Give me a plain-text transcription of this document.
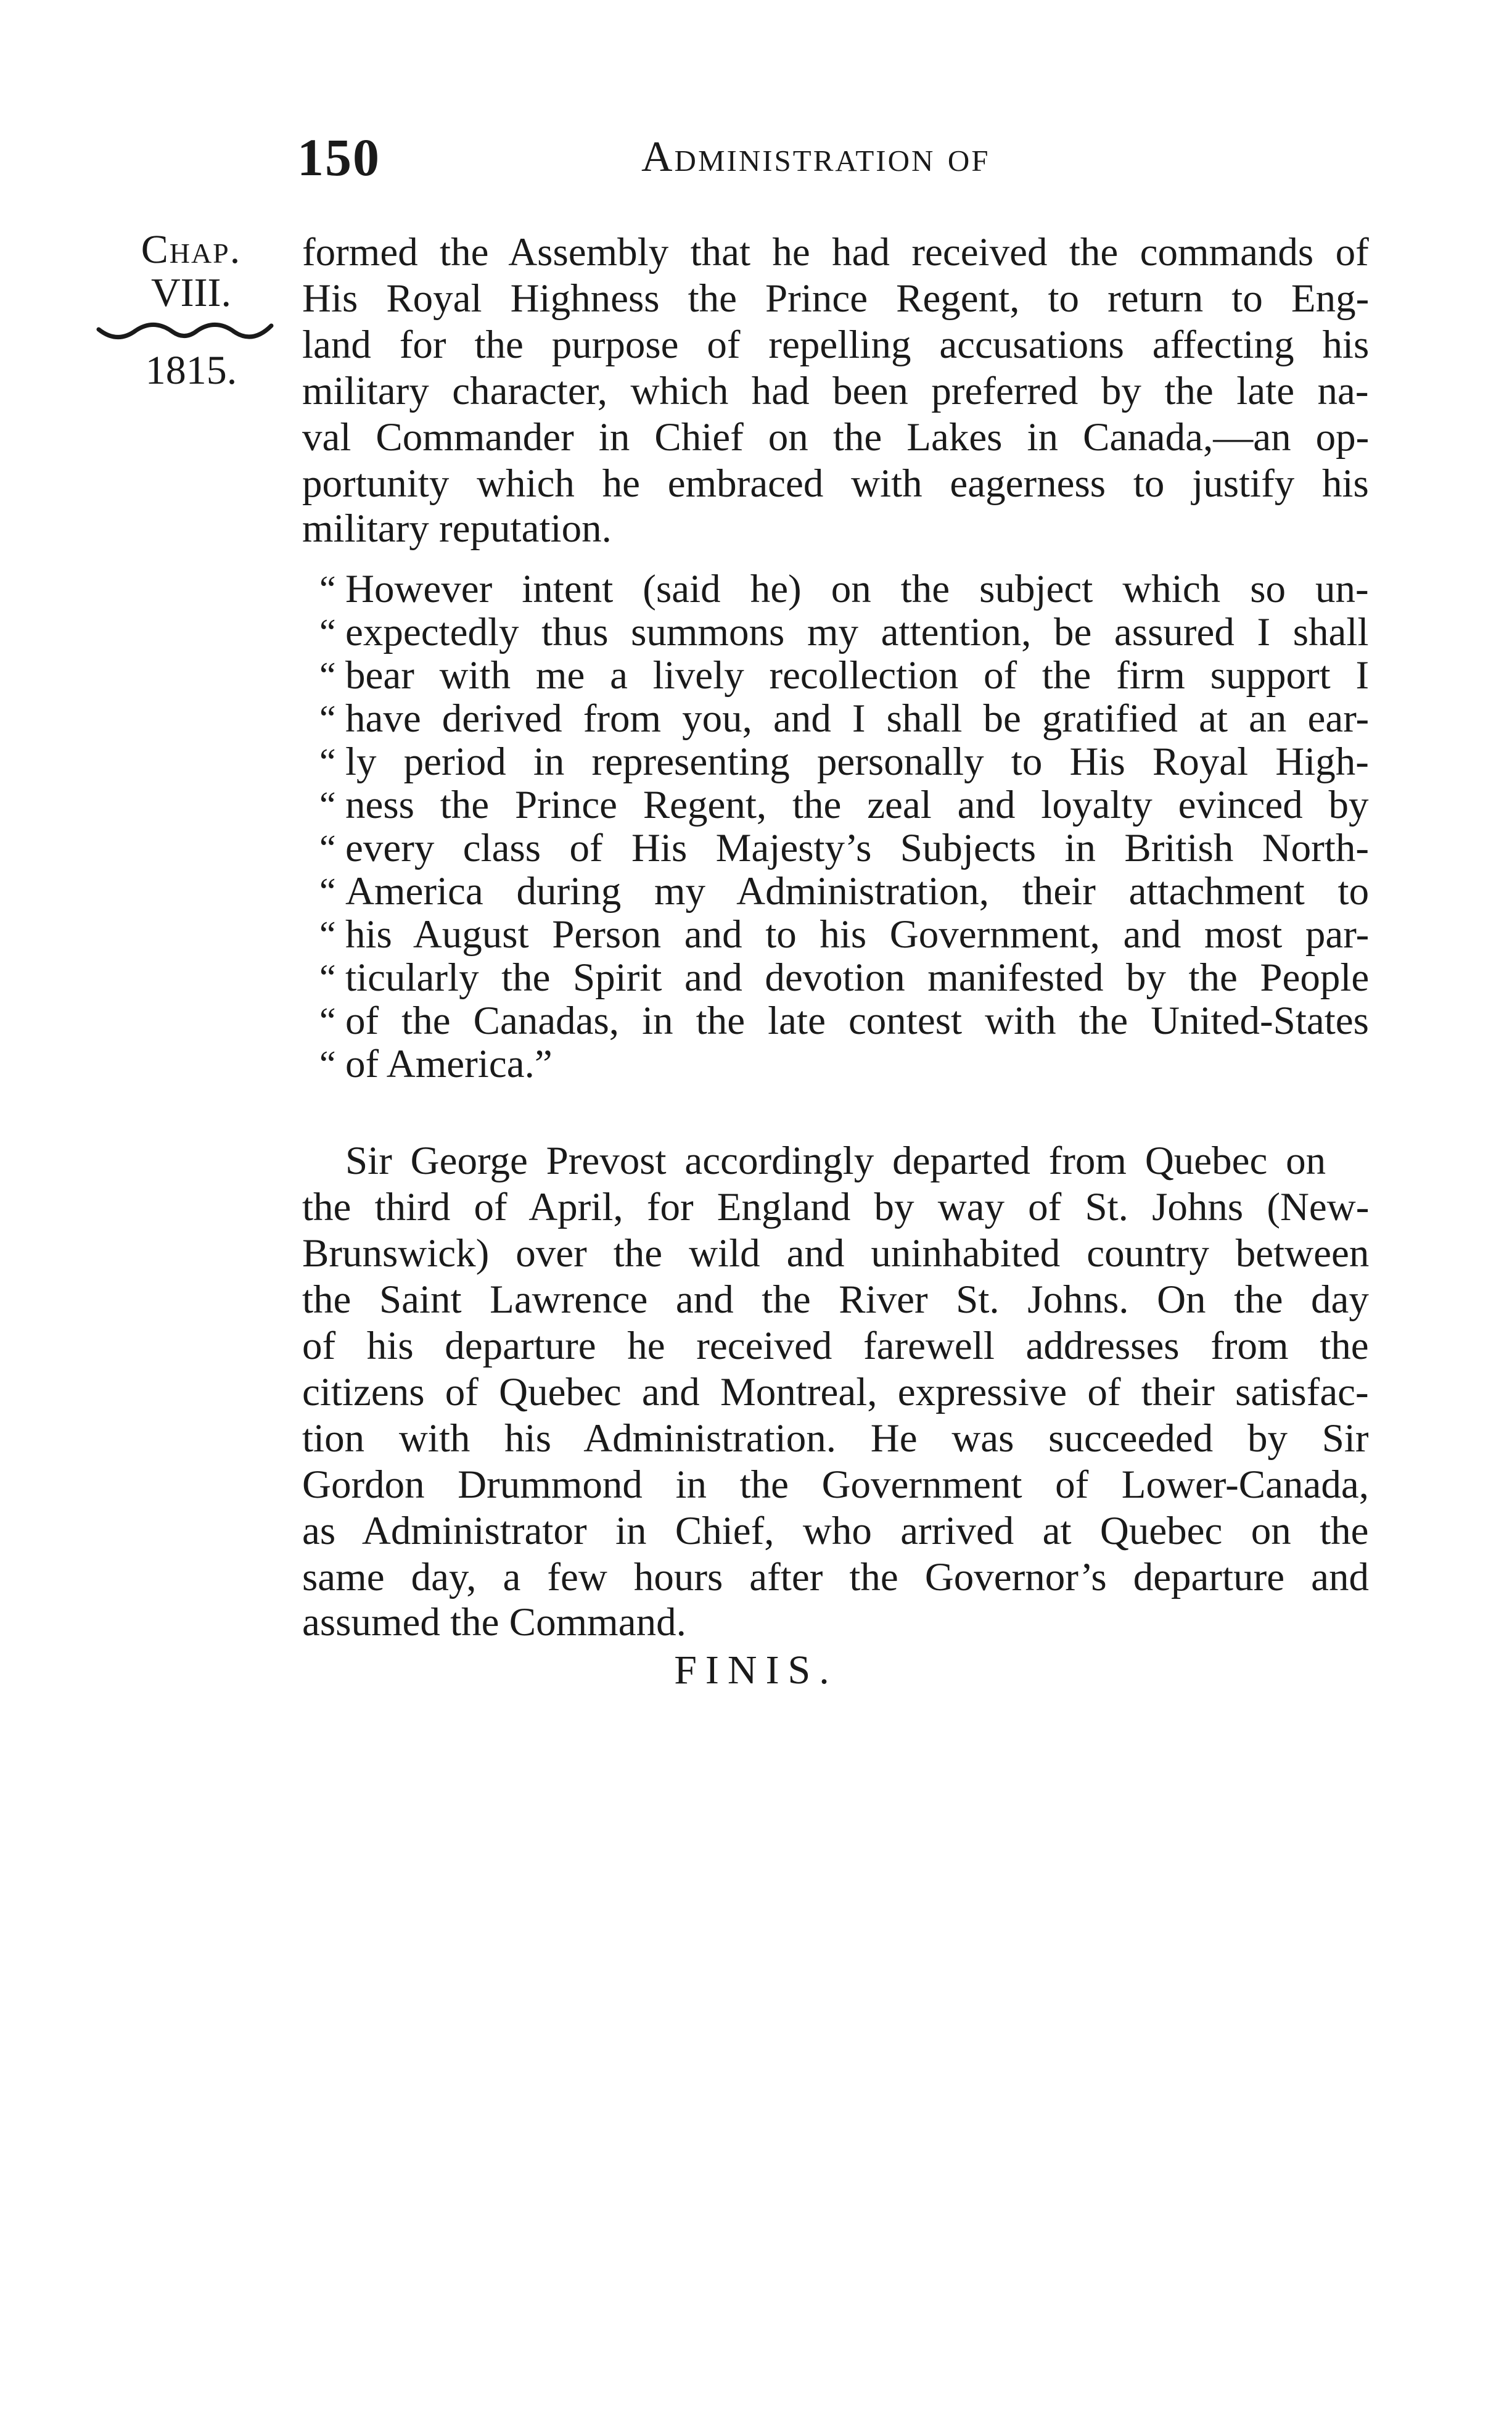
150	Administration of
Chap.
VIII.
1815.
formed the Assembly that he had received the commands of His Royal Highness the Prince Regent, to return to Eng- land for the purpose of repelling accusations affecting his military character, which had been preferred by the late na- val Commander in Chief on the Lakes in Canada,—an op- portunity which he embraced with eagerness to justify his
military reputation.
“ However intent (said he) on the subject which so un-
“ expectedly thus summons my attention, be assured I shall
“ bear with me a lively recollection of the firm support I
“ have derived from you, and I shall be gratified at an ear-
“ ly period in representing personally to His Royal High-
“ ness the Prince Regent, the zeal and loyalty evinced by
“ every class of His Majesty’s Subjects in British North-
“ America during my Administration, their attachment to
“ his August Person and to his Government, and most par-
“ ticularly the Spirit and devotion manifested by the People
“ of the Canadas, in the late contest with the United-States
“ of America.”
Sir George Prevost accordingly departed from Quebec on the third of April, for England by way of St. Johns (New- Brunswick) over the wild and uninhabited country between the Saint Lawrence and the River St. Johns. On the day of his departure he received farewell addresses from the citizens of Quebec and Montreal, expressive of their satisfac- tion with his Administration. He was succeeded by Sir Gordon Drummond in the Government of Lower-Canada, as Administrator in Chief, who arrived at Quebec on the same day, a few hours after the Governor’s departure and
assumed the Command.
FINIS.
